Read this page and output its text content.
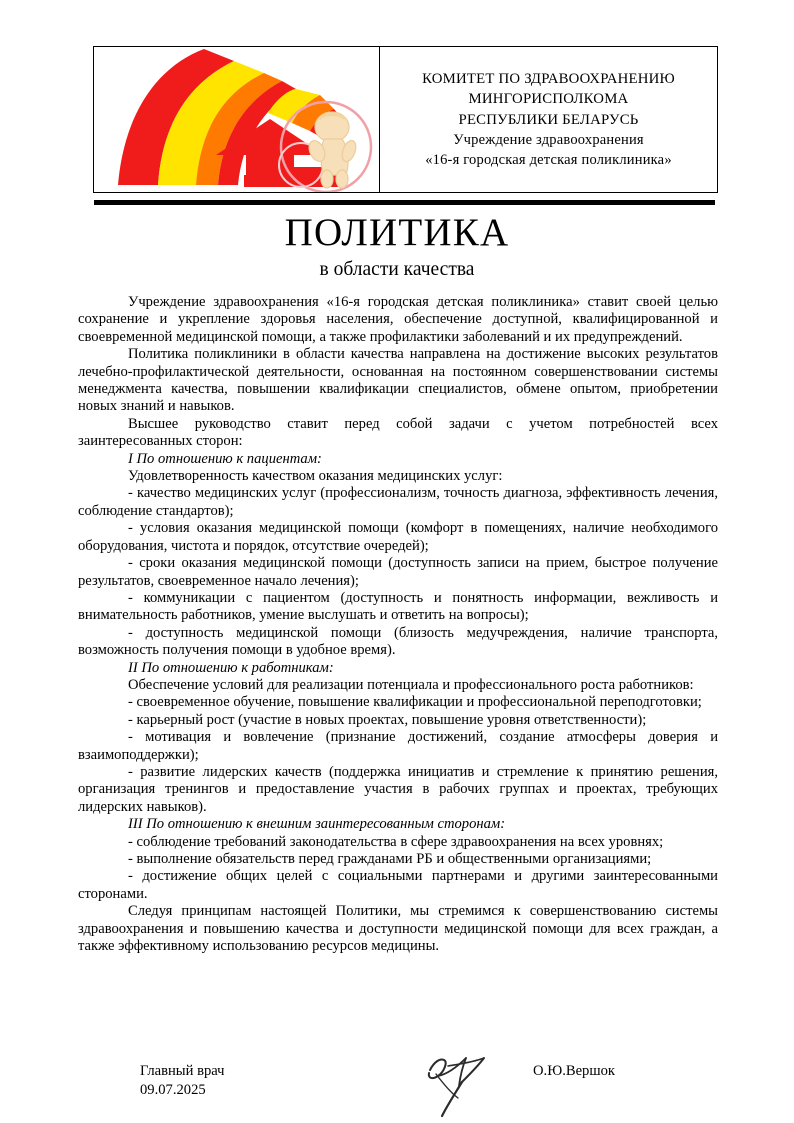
КОМИТЕТ ПО ЗДРАВООХРАНЕНИЮ
МИНГОРИСПОЛКОМА
РЕСПУБЛИКИ БЕЛАРУСЬ
Учреждение здравоохранения
«16-я городская детская поликлиника»
ПОЛИТИКА
в области качества

Учреждение здравоохранения «16-я городская детская поликлиника» ставит своей целью сохранение и укрепление здоровья населения, обеспечение доступной, квалифицированной и своевременной медицинской помощи, а также профилактики заболеваний и их предупреждений.

Политика поликлиники в области качества направлена на достижение высоких результатов лечебно-профилактической деятельности, основанная на постоянном совершенствовании системы менеджмента качества, повышении квалификации специалистов, обмене опытом, приобретении новых знаний и навыков.

Высшее руководство ставит перед собой задачи с учетом потребностей всех заинтересованных сторон:

I По отношению к пациентам:

Удовлетворенность качеством оказания медицинских услуг:

- качество медицинских услуг (профессионализм, точность диагноза, эффективность лечения, соблюдение стандартов);

- условия оказания медицинской помощи (комфорт в помещениях, наличие необходимого оборудования, чистота и порядок, отсутствие очередей);

- сроки оказания медицинской помощи (доступность записи на прием, быстрое получение результатов, своевременное начало лечения);

- коммуникации с пациентом (доступность и понятность информации, вежливость и внимательность работников, умение выслушать и ответить на вопросы);

- доступность медицинской помощи (близость медучреждения, наличие транспорта, возможность получения помощи в удобное время).

II По отношению к работникам:

Обеспечение условий для реализации потенциала и профессионального роста работников:

- своевременное обучение, повышение квалификации и профессиональной переподготовки;

- карьерный рост (участие в новых проектах, повышение уровня ответственности);

- мотивация и вовлечение (признание достижений, создание атмосферы доверия и взаимоподдержки);

- развитие лидерских качеств (поддержка инициатив и стремление к принятию решения, организация тренингов и предоставление участия в рабочих группах и проектах, требующих лидерских навыков).

III По отношению к внешним заинтересованным сторонам:

- соблюдение требований законодательства в сфере здравоохранения на всех уровнях;

- выполнение обязательств перед гражданами РБ и общественными организациями;

- достижение общих целей с социальными партнерами и другими заинтересованными сторонами.

Следуя принципам настоящей Политики, мы стремимся к совершенствованию системы здравоохранения и повышению качества и доступности медицинской помощи для всех граждан, а также эффективному использованию ресурсов медицины.

Главный врач
09.07.2025
О.Ю.Вершок
